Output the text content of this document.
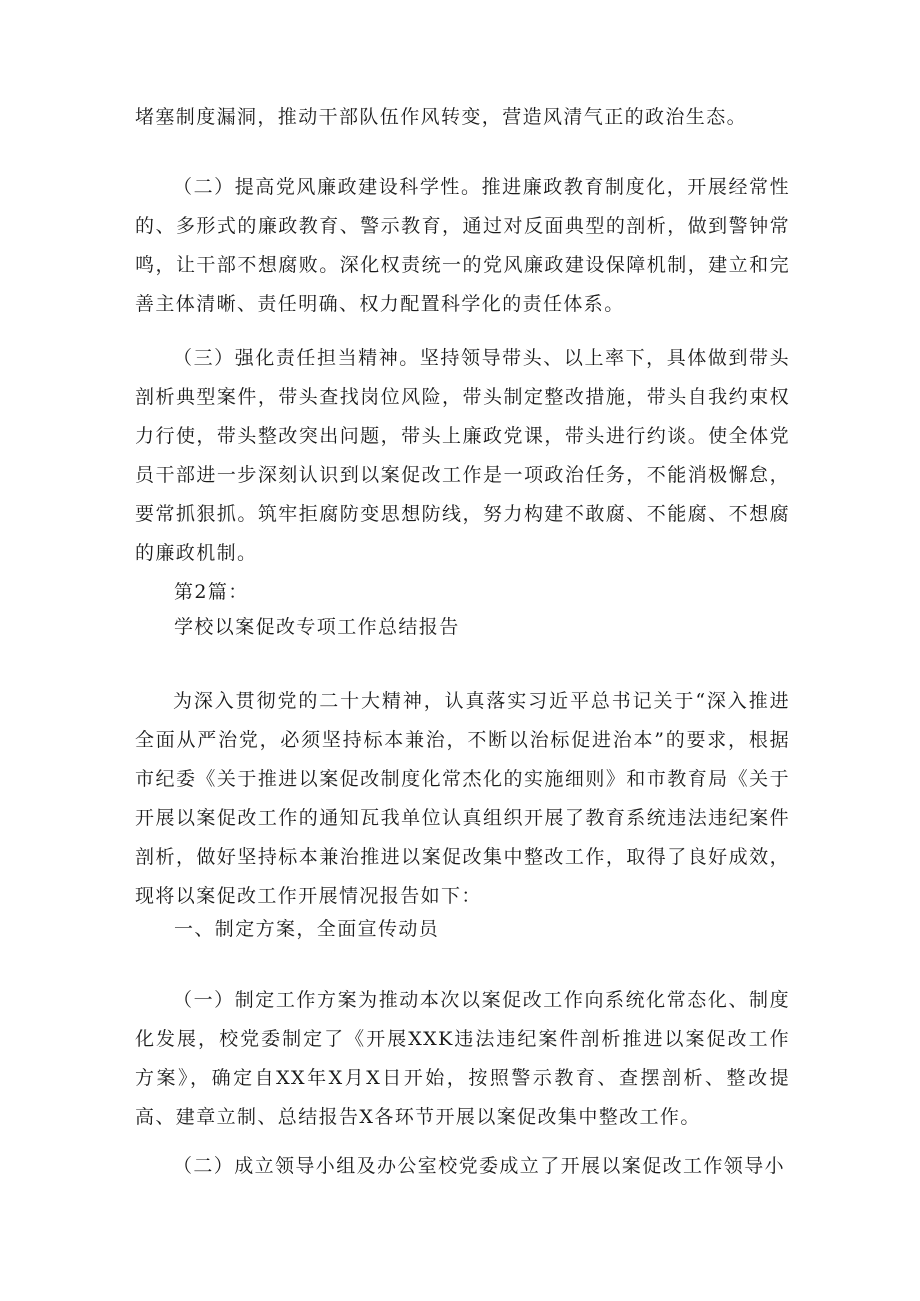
堵塞制度漏洞，推动干部队伍作风转变，营造风清气正的政治生态。

（二）提高党风廉政建设科学性。推进廉政教育制度化，开展经常性的、多形式的廉政教育、警示教育，通过对反面典型的剖析，做到警钟常鸣，让干部不想腐败。深化权责统一的党风廉政建设保障机制，建立和完善主体清晰、责任明确、权力配置科学化的责任体系。

（三）强化责任担当精神。坚持领导带头、以上率下，具体做到带头剖析典型案件，带头查找岗位风险，带头制定整改措施，带头自我约束权力行使，带头整改突出问题，带头上廉政党课，带头进行约谈。使全体党员干部进一步深刻认识到以案促改工作是一项政治任务，不能消极懈怠，要常抓狠抓。筑牢拒腐防变思想防线，努力构建不敢腐、不能腐、不想腐的廉政机制。

第2篇：

学校以案促改专项工作总结报告

为深入贯彻党的二十大精神，认真落实习近平总书记关于“深入推进全面从严治党，必须坚持标本兼治，不断以治标促进治本”的要求，根据市纪委《关于推进以案促改制度化常杰化的实施细则》和市教育局《关于开展以案促改工作的通知瓦我单位认真组织开展了教育系统违法违纪案件剖析，做好坚持标本兼治推进以案促改集中整改工作，取得了良好成效，现将以案促改工作开展情况报告如下：

一、制定方案，全面宣传动员

（一）制定工作方案为推动本次以案促改工作向系统化常态化、制度化发展，校党委制定了《开展XXK违法违纪案件剖析推进以案促改工作方案》，确定自XX年X月X日开始，按照警示教育、查摆剖析、整改提高、建章立制、总结报告X各环节开展以案促改集中整改工作。

（二）成立领导小组及办公室校党委成立了开展以案促改工作领导小
